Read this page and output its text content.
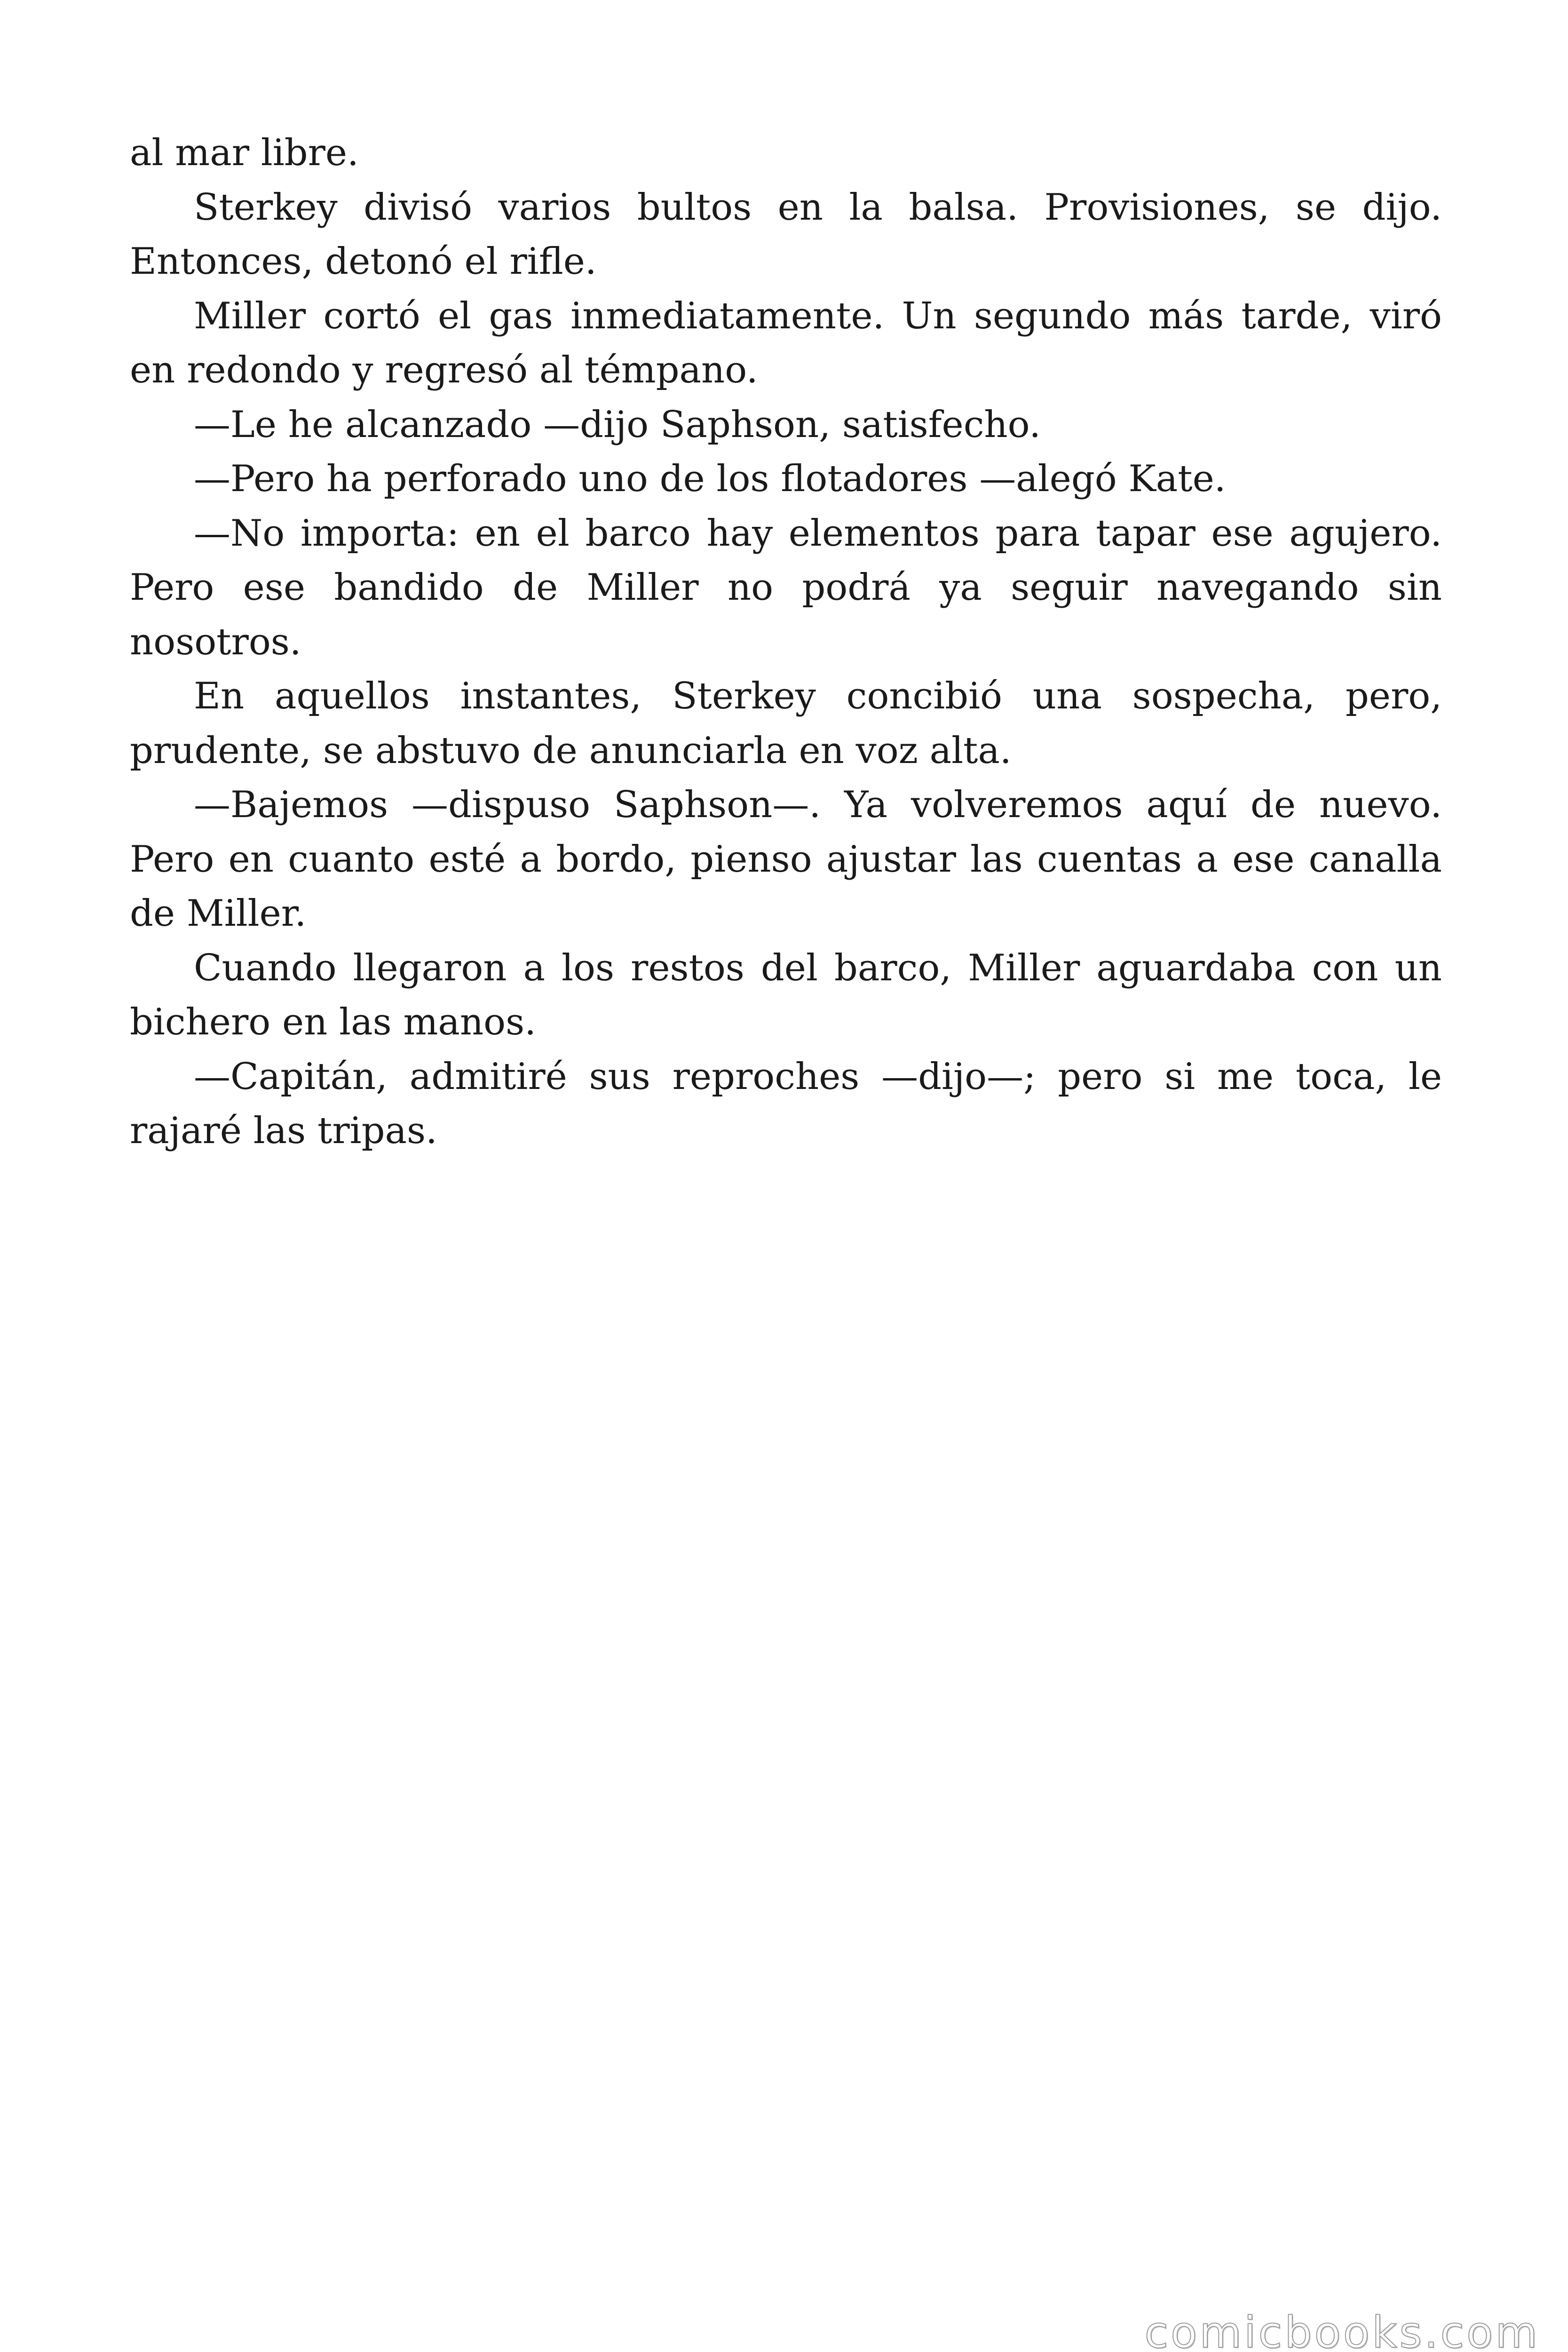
al mar libre.

Sterkey divisó varios bultos en la balsa. Provisiones, se dijo. Entonces, detonó el rifle.

Miller cortó el gas inmediatamente. Un segundo más tarde, viró en redondo y regresó al témpano.

—Le he alcanzado —dijo Saphson, satisfecho.

—Pero ha perforado uno de los flotadores —alegó Kate.

—No importa: en el barco hay elementos para tapar ese agujero. Pero ese bandido de Miller no podrá ya seguir navegando sin nosotros.

En aquellos instantes, Sterkey concibió una sospecha, pero, prudente, se abstuvo de anunciarla en voz alta.

—Bajemos —dispuso Saphson—. Ya volveremos aquí de nuevo. Pero en cuanto esté a bordo, pienso ajustar las cuentas a ese canalla de Miller.

Cuando llegaron a los restos del barco, Miller aguardaba con un bichero en las manos.

—Capitán, admitiré sus reproches —dijo—; pero si me toca, le rajaré las tripas.

comicbooks.com
